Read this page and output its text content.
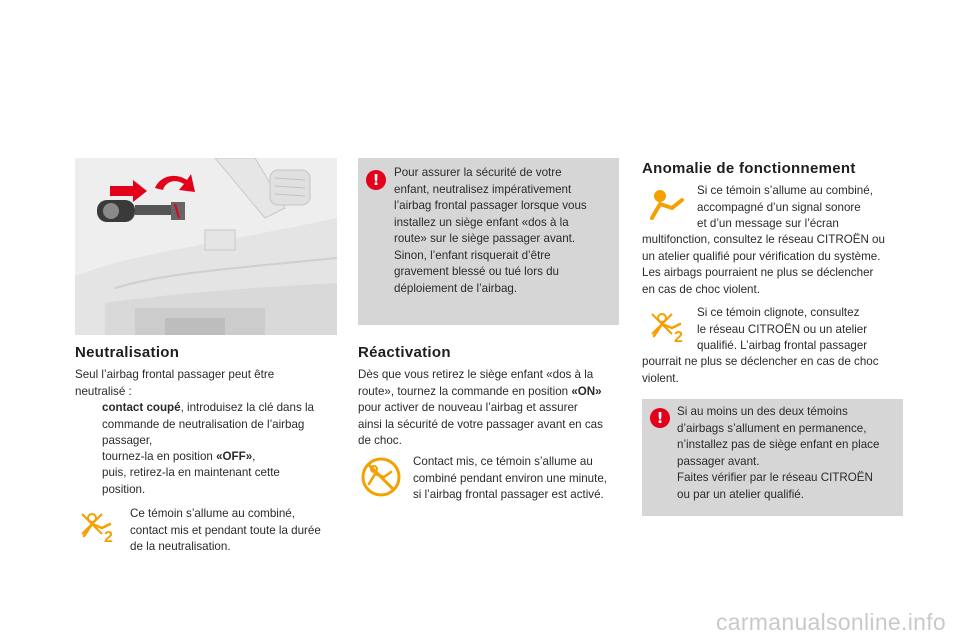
Neutralisation
Seul l’airbag frontal passager peut être
neutralisé :
contact coupé, introduisez la clé dans la
commande de neutralisation de l’airbag
passager,
tournez-la en position «OFF»,
puis, retirez-la en maintenant cette
position.
2
Ce témoin s’allume au combiné,
contact mis et pendant toute la durée
de la neutralisation.
!	Pour assurer la sécurité de votre
enfant, neutralisez impérativement
l’airbag frontal passager lorsque vous
installez un siège enfant «dos à la
route» sur le siège passager avant.
Sinon, l’enfant risquerait d’être
gravement blessé ou tué lors du
déploiement de l’airbag.
Réactivation
Dès que vous retirez le siège enfant «dos à la
route», tournez la commande en position «ON»
pour activer de nouveau l’airbag et assurer
ainsi la sécurité de votre passager avant en cas
de choc.
Contact mis, ce témoin s’allume au
combiné pendant environ une minute,
si l’airbag frontal passager est activé.
Anomalie de fonctionnement
Si ce témoin s’allume au combiné,
accompagné d’un signal sonore
et d’un message sur l’écran
multifonction, consultez le réseau CITROËN ou
un atelier qualifié pour vérification du système.
Les airbags pourraient ne plus se déclencher
en cas de choc violent.
2
Si ce témoin clignote, consultez
le réseau CITROËN ou un atelier
qualifié. L’airbag frontal passager
pourrait ne plus se déclencher en cas de choc
violent.
!	Si au moins un des deux témoins
d’airbags s’allument en permanence,
n’installez pas de siège enfant en place
passager avant.
Faites vérifier par le réseau CITROËN
ou par un atelier qualifié.
carmanualsonline.info
